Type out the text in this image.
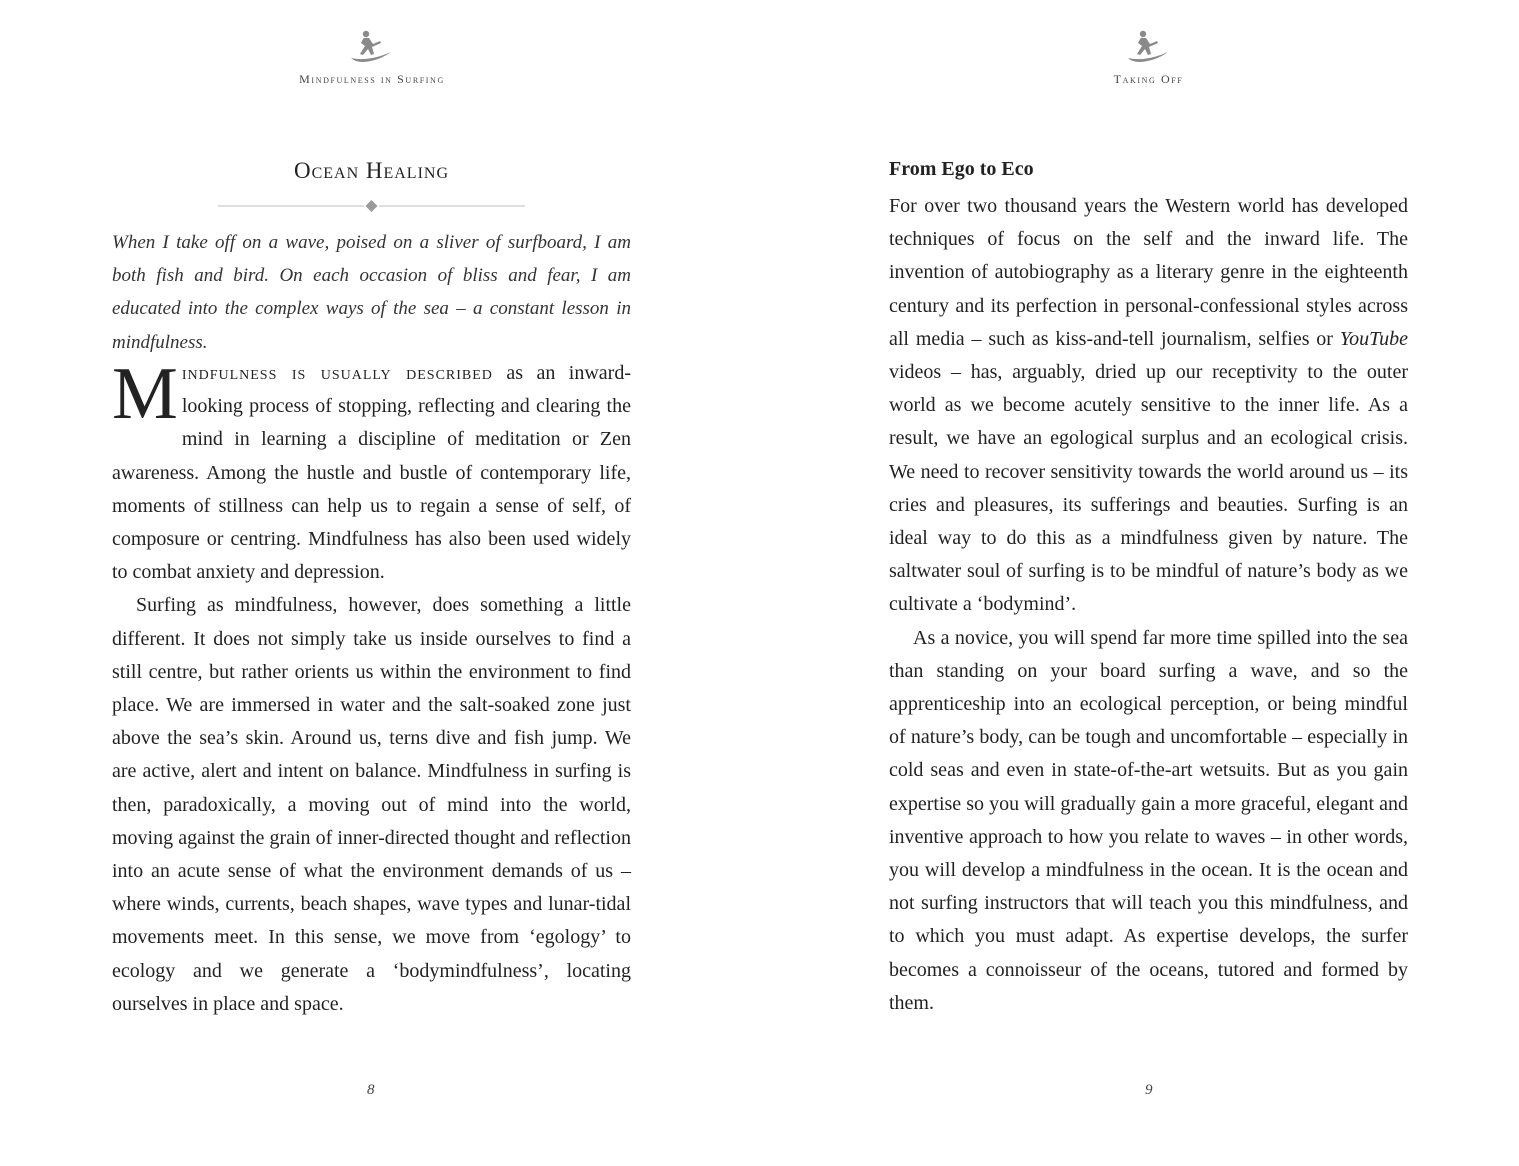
Mindfulness in Surfing
Ocean Healing
When I take off on a wave, poised on a sliver of surfboard, I am both fish and bird. On each occasion of bliss and fear, I am educated into the complex ways of the sea – a constant lesson in mindfulness.

Mindfulness is usually described as an inward-looking process of stopping, reflecting and clearing the mind in learning a discipline of meditation or Zen awareness. Among the hustle and bustle of contemporary life, moments of stillness can help us to regain a sense of self, of composure or centring. Mindfulness has also been used widely to combat anxiety and depression.

Surfing as mindfulness, however, does something a little different. It does not simply take us inside ourselves to find a still centre, but rather orients us within the environment to find place. We are immersed in water and the salt-soaked zone just above the sea’s skin. Around us, terns dive and fish jump. We are active, alert and intent on balance. Mindfulness in surfing is then, paradoxically, a moving out of mind into the world, moving against the grain of inner-directed thought and reflection into an acute sense of what the environment demands of us – where winds, currents, beach shapes, wave types and lunar-tidal movements meet. In this sense, we move from ‘egology’ to ecology and we generate a ‘bodymindfulness’, locating ourselves in place and space.

8
Taking Off
From Ego to Eco

For over two thousand years the Western world has developed techniques of focus on the self and the inward life. The invention of autobiography as a literary genre in the eighteenth century and its perfection in personal-confessional styles across all media – such as kiss-and-tell journalism, selfies or YouTube videos – has, arguably, dried up our receptivity to the outer world as we become acutely sensitive to the inner life. As a result, we have an egological surplus and an ecological crisis. We need to recover sensitivity towards the world around us – its cries and pleasures, its sufferings and beauties. Surfing is an ideal way to do this as a mindfulness given by nature. The saltwater soul of surfing is to be mindful of nature’s body as we cultivate a ‘bodymind’.

As a novice, you will spend far more time spilled into the sea than standing on your board surfing a wave, and so the apprenticeship into an ecological perception, or being mindful of nature’s body, can be tough and uncomfortable – especially in cold seas and even in state-of-the-art wetsuits. But as you gain expertise so you will gradually gain a more graceful, elegant and inventive approach to how you relate to waves – in other words, you will develop a mindfulness in the ocean. It is the ocean and not surfing instructors that will teach you this mindfulness, and to which you must adapt. As expertise develops, the surfer becomes a connoisseur of the oceans, tutored and formed by them.

9
